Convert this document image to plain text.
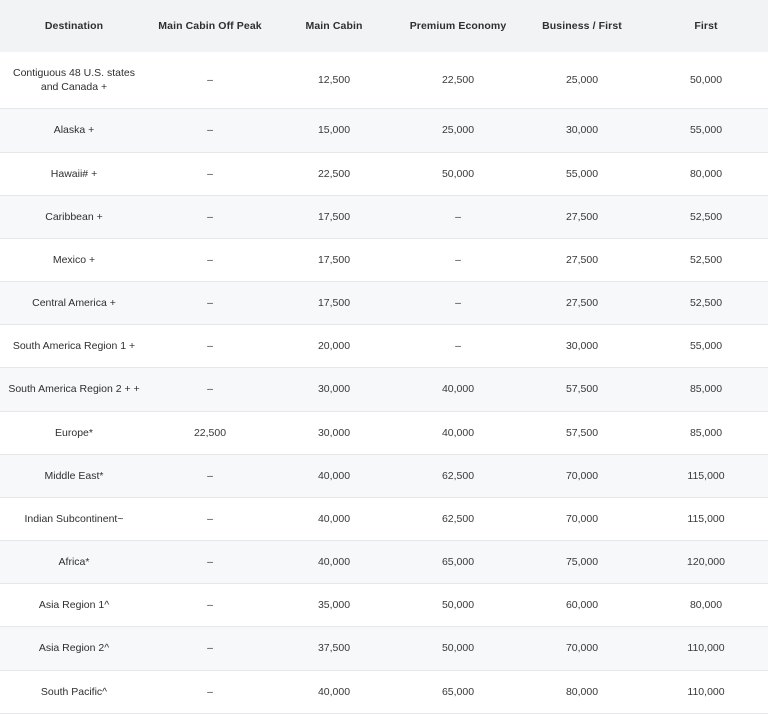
Destination	Main Cabin Off Peak	Main Cabin	Premium Economy	Business / First	First
Contiguous 48 U.S. states and Canada +	–	12,500	22,500	25,000	50,000
Alaska +	–	15,000	25,000	30,000	55,000
Hawaii# +	–	22,500	50,000	55,000	80,000
Caribbean +	–	17,500	–	27,500	52,500
Mexico +	–	17,500	–	27,500	52,500
Central America +	–	17,500	–	27,500	52,500
South America Region 1 +	–	20,000	–	30,000	55,000
South America Region 2 + +	–	30,000	40,000	57,500	85,000
Europe*	22,500	30,000	40,000	57,500	85,000
Middle East*	–	40,000	62,500	70,000	115,000
Indian Subcontinent~	–	40,000	62,500	70,000	115,000
Africa*	–	40,000	65,000	75,000	120,000
Asia Region 1^	–	35,000	50,000	60,000	80,000
Asia Region 2^	–	37,500	50,000	70,000	110,000
South Pacific^	–	40,000	65,000	80,000	110,000
